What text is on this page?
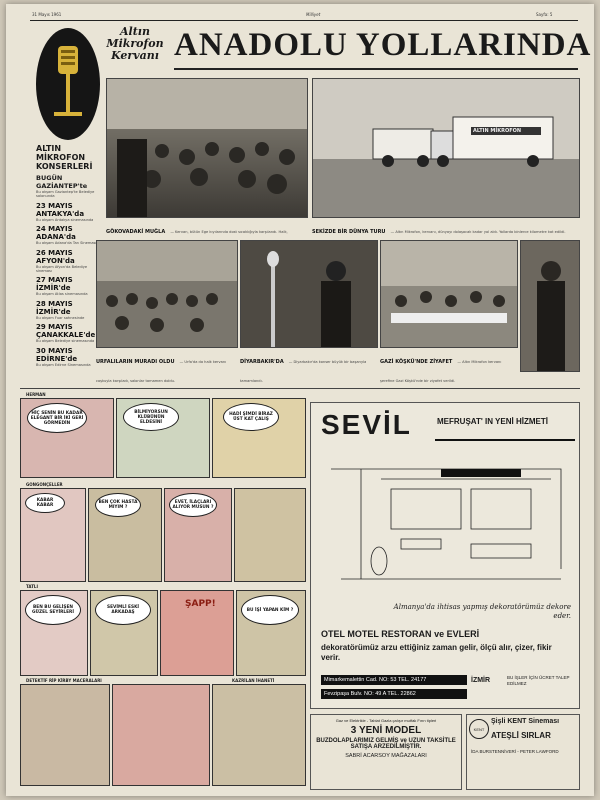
31 Mayıs 1961	Milliyet	Sayfa: 5
Altın Mikrofon Kervanı ANADOLU YOLLARINDA
ALTIN MİKROFON KONSERLERİ
BUGÜN GAZİANTEP'te
Bu akşam Gaziantep'te Belediye salonunda
23 MAYIS ANTAKYA'da
Bu akşam Antakya sinemasında
24 MAYIS ADANA'da
Bu akşam Adana'da Tan Sineması
26 MAYIS AFYON'da
Bu akşam Afyon'da Belediye sineması
27 MAYIS İZMİR'de
Bu akşam Atlas sinemasında
28 MAYIS İZMİR'de
Bu akşam Fuar sahnesinde
29 MAYIS ÇANAKKALE'de
Bu akşam Belediye sinemasında
30 MAYIS EDİRNE'de
Bu akşam Edirne Sinemasında
ALTIN MİKROFON
GÖKOVADAKİ MUĞLA — Kervan, bütün Ege kıyılarında dost sıcaklığıyla karşılandı. Halk,	SEKİZDE BİR DÜNYA TURU — Altın Mikrofon, kervanı, dünyayı dolaşacak kadar yol aldı. Yollarda binlerce kilometre kat edildi.
URFALILARIN MURADI OLDU — Urfa'da da halk kervanı coşkuyla karşıladı, salonlar tamamen doldu.
DİYARBAKIR'DA — Diyarbakır'da konser büyük bir başarıyla tamamlandı.
GAZİ KÖŞKÜ'NDE ZİYAFET — Altın Mikrofon kervanı şerefine Gazi Köşkü'nde bir ziyafet verildi.
HERMAN
HİÇ SENİN BU KADAR ELEGANT BİR İKİ GERİ GÖRMEDİN
BİLMİYORSUN KLÜBÜNÜN ELDESİNİ
HADİ ŞİMDİ BİRAZ ÜST KAT ÇALIŞ
GONGONÇELLER
KABAR KABAR
BEN ÇOK HASTA MIYIM ?
EVET, İLAÇLARI ALIYOR MUSUN ?
TATLI
BEN BU GELİŞEN GÜZEL SEYİRLERİ
SEVİMLİ ESKİ ARKADAŞ
ŞAPP!
BU İŞİ YAPAN KİM ?
DETEKTİF RİP KİRBY MACERALARI	KAZRİLAN İHANETİ
SEVİL	MEFRUŞAT' IN YENİ HİZMETİ
Almanya'da ihtisas yapmış dekoratörümüz dekore eder.
OTEL MOTEL RESTORAN ve EVLERİ
dekoratörümüz arzu ettiğiniz zaman gelir, ölçü alır, çizer, fikir verir.
Mimarkemalettin Cad. NO: 53 TEL. 24177
Fevzipaşa Bulv. NO: 49 A TEL. 22862
İZMİR	BU İŞLER İÇİN ÜCRET TALEP EDİLMEZ
Gaz ve Elektrikle - Tabiat Gazla çalışır mutfak Fırın tipleri
3 YENİ MODEL
BUZDOLAPLARIMIZ GELMİŞ ve UZUN TAKSİTLE
SATIŞA ARZEDİLMİŞTİR.
SABRİ ACARSOY MAĞAZALARI
KENT
Şişli KENT Sineması
ATEŞLİ SIRLAR
İDA BURSTENNİVERİ - PETER LAWFORD
